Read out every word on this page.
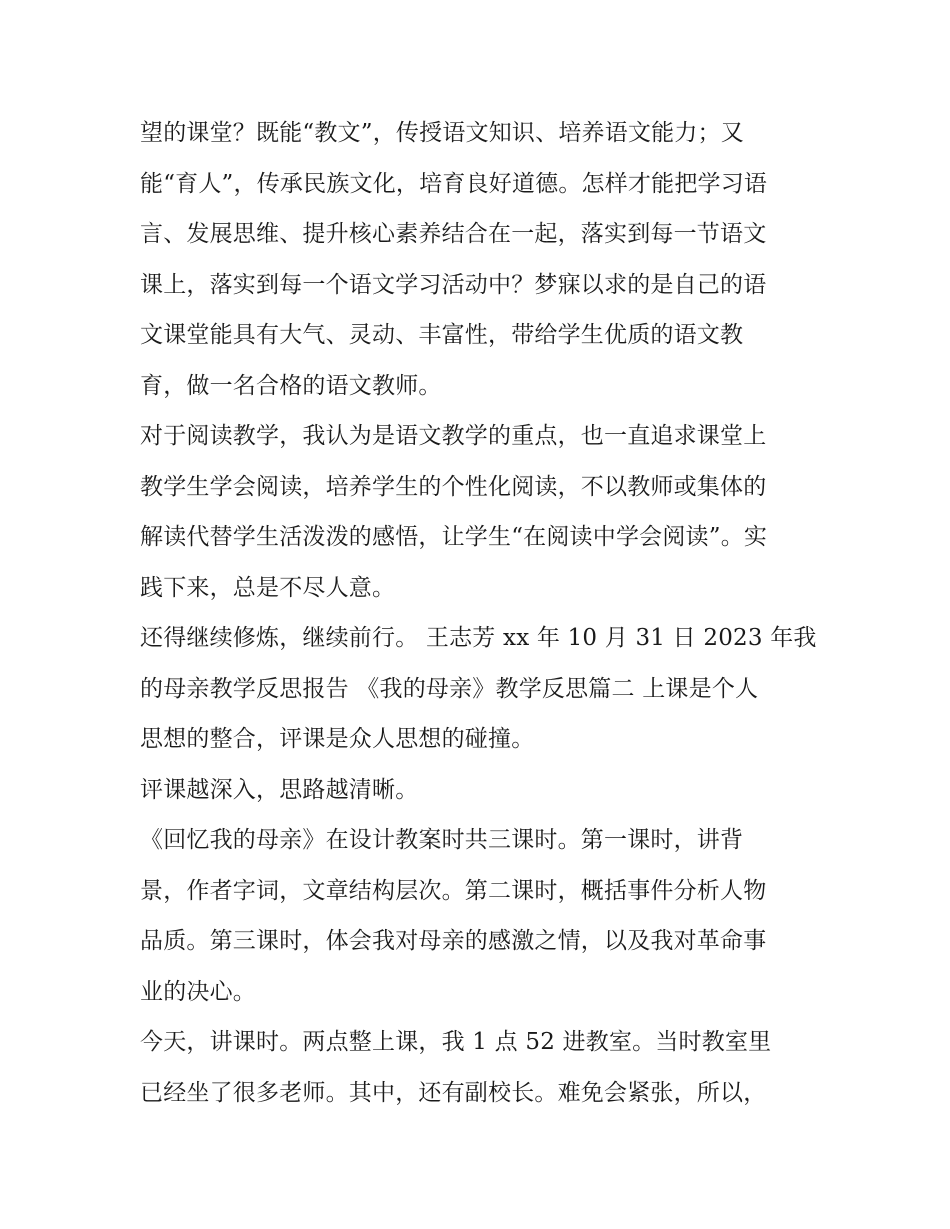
望的课堂？既能“教文”，传授语文知识、培养语文能力；又
能“育人”，传承民族文化，培育良好道德。怎样才能把学习语
言、发展思维、提升核心素养结合在一起，落实到每一节语文
课上，落实到每一个语文学习活动中？梦寐以求的是自己的语
文课堂能具有大气、灵动、丰富性，带给学生优质的语文教
育，做一名合格的语文教师。
对于阅读教学，我认为是语文教学的重点，也一直追求课堂上
教学生学会阅读，培养学生的个性化阅读，不以教师或集体的
解读代替学生活泼泼的感悟，让学生“在阅读中学会阅读”。实
践下来，总是不尽人意。
还得继续修炼，继续前行。 王志芳 xx 年 10 月 31 日 2023 年我
的母亲教学反思报告 《我的母亲》教学反思篇二 上课是个人
思想的整合，评课是众人思想的碰撞。
评课越深入，思路越清晰。
《回忆我的母亲》在设计教案时共三课时。第一课时，讲背
景，作者字词，文章结构层次。第二课时，概括事件分析人物
品质。第三课时，体会我对母亲的感激之情，以及我对革命事
业的决心。
今天，讲课时。两点整上课，我 1 点 52 进教室。当时教室里
已经坐了很多老师。其中，还有副校长。难免会紧张，所以，
